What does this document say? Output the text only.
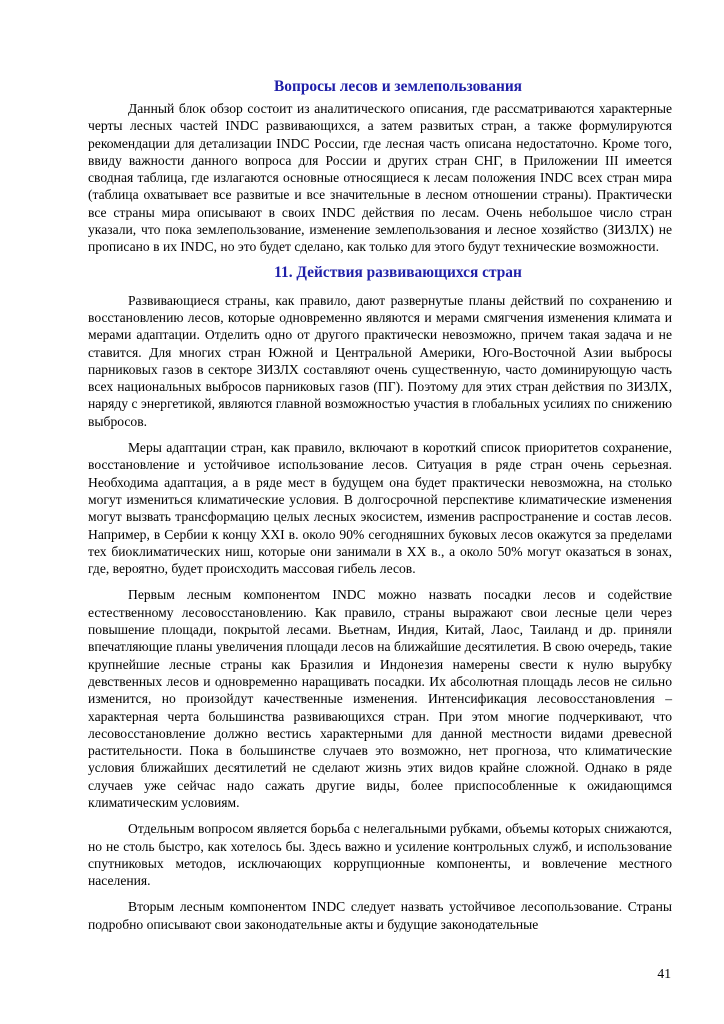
Вопросы лесов и землепользования

Данный блок обзор состоит из аналитического описания, где рассматриваются характерные черты лесных частей INDC развивающихся, а затем развитых стран, а также формулируются рекомендации для детализации INDC России, где лесная часть описана недостаточно. Кроме того, ввиду важности данного вопроса для России и других стран СНГ, в Приложении III имеется сводная таблица, где излагаются основные относящиеся к лесам положения INDC всех стран мира (таблица охватывает все развитые и все значительные в лесном отношении страны). Практически все страны мира описывают в своих INDC действия по лесам. Очень небольшое число стран указали, что пока землепользование, изменение землепользования и лесное хозяйство (ЗИЗЛХ) не прописано в их INDC, но это будет сделано, как только для этого будут технические возможности.

11. Действия развивающихся стран

Развивающиеся страны, как правило, дают развернутые планы действий по сохранению и восстановлению лесов, которые одновременно являются и мерами смягчения изменения климата и мерами адаптации. Отделить одно от другого практически невозможно, причем такая задача и не ставится. Для многих стран Южной и Центральной Америки, Юго-Восточной Азии выбросы парниковых газов в секторе ЗИЗЛХ составляют очень существенную, часто доминирующую часть всех национальных выбросов парниковых газов (ПГ). Поэтому для этих стран действия по ЗИЗЛХ, наряду с энергетикой, являются главной возможностью участия в глобальных усилиях по снижению выбросов.

Меры адаптации стран, как правило, включают в короткий список приоритетов сохранение, восстановление и устойчивое использование лесов. Ситуация в ряде стран очень серьезная. Необходима адаптация, а в ряде мест в будущем она будет практически невозможна, на столько могут измениться климатические условия. В долгосрочной перспективе климатические изменения могут вызвать трансформацию целых лесных экосистем, изменив распространение и состав лесов. Например, в Сербии к концу XXI в. около 90% сегодняшних буковых лесов окажутся за пределами тех биоклиматических ниш, которые они занимали в XX в., а около 50% могут оказаться в зонах, где, вероятно, будет происходить массовая гибель лесов.

Первым лесным компонентом INDC можно назвать посадки лесов и содействие естественному лесовосстановлению. Как правило, страны выражают свои лесные цели через повышение площади, покрытой лесами. Вьетнам, Индия, Китай, Лаос, Таиланд и др. приняли впечатляющие планы увеличения площади лесов на ближайшие десятилетия. В свою очередь, такие крупнейшие лесные страны как Бразилия и Индонезия намерены свести к нулю вырубку девственных лесов и одновременно наращивать посадки. Их абсолютная площадь лесов не сильно изменится, но произойдут качественные изменения. Интенсификация лесовосстановления – характерная черта большинства развивающихся стран. При этом многие подчеркивают, что лесовосстановление должно вестись характерными для данной местности видами древесной растительности. Пока в большинстве случаев это возможно, нет прогноза, что климатические условия ближайших десятилетий не сделают жизнь этих видов крайне сложной. Однако в ряде случаев уже сейчас надо сажать другие виды, более приспособленные к ожидающимся климатическим условиям.

Отдельным вопросом является борьба с нелегальными рубками, объемы которых снижаются, но не столь быстро, как хотелось бы. Здесь важно и усиление контрольных служб, и использование спутниковых методов, исключающих коррупционные компоненты, и вовлечение местного населения.

Вторым лесным компонентом INDC следует назвать устойчивое лесопользование. Страны подробно описывают свои законодательные акты и будущие законодательные

41
